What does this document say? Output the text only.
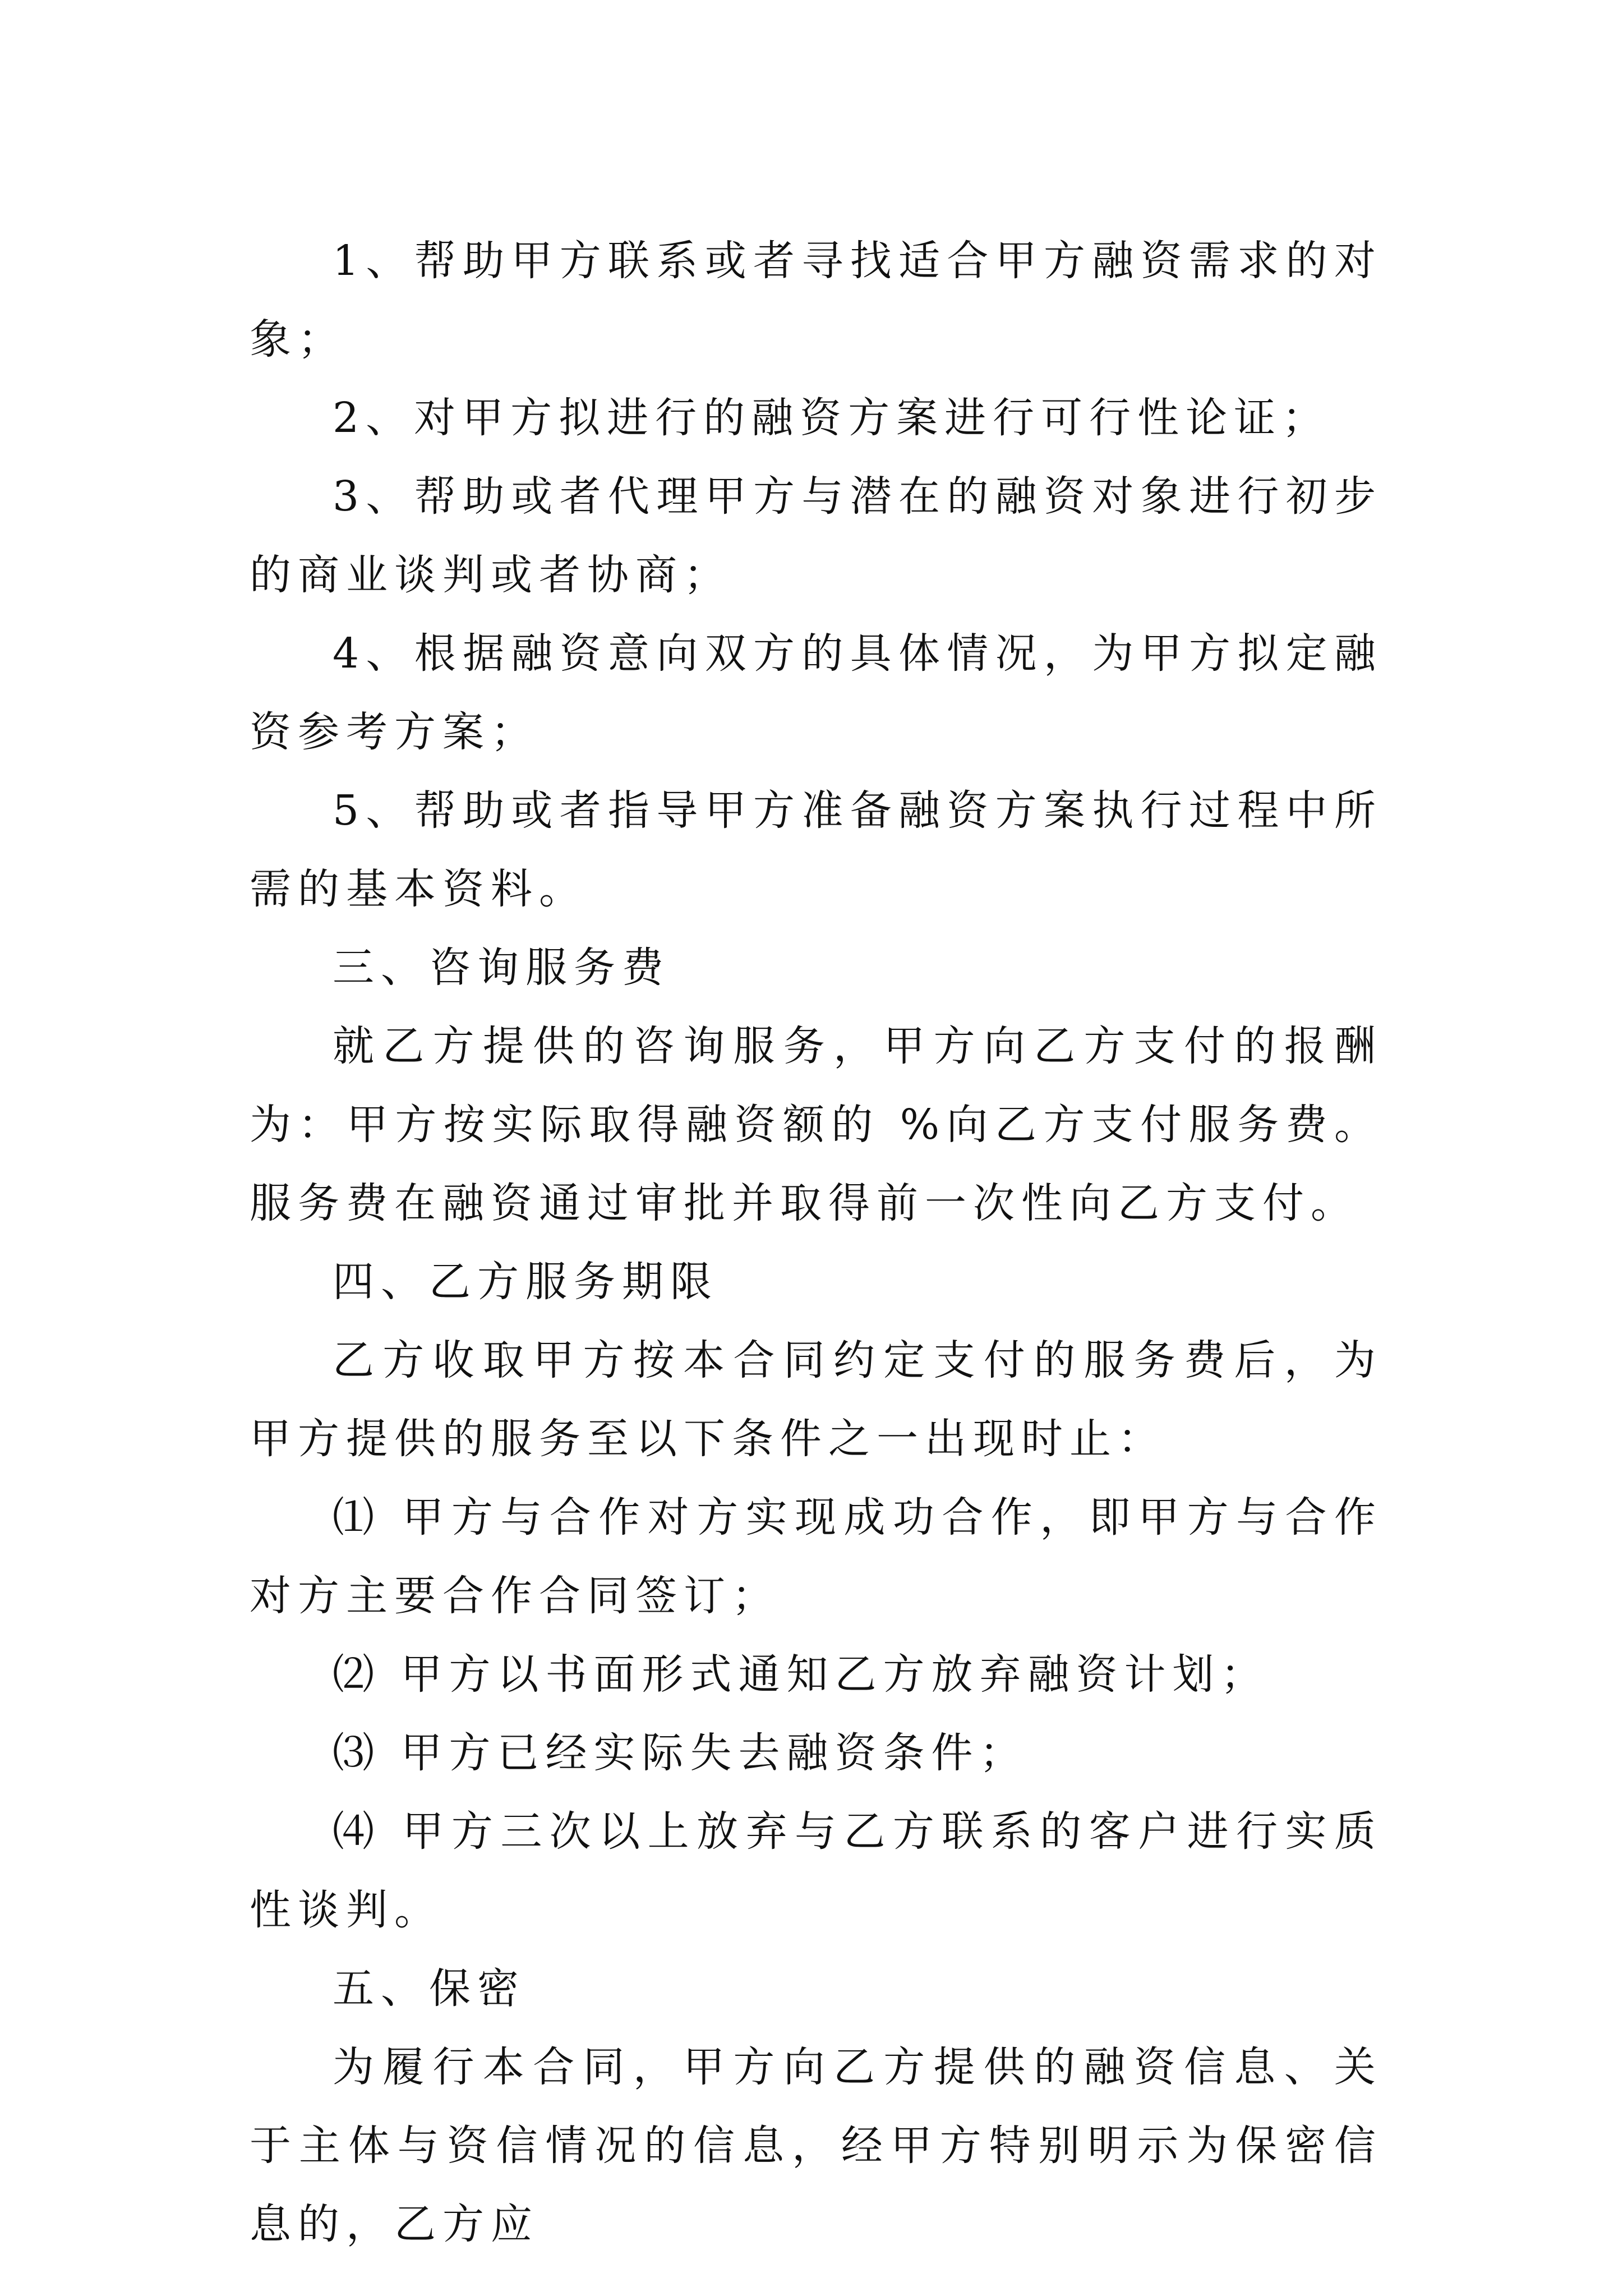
1、帮助甲方联系或者寻找适合甲方融资需求的对象；

2、对甲方拟进行的融资方案进行可行性论证；

3、帮助或者代理甲方与潜在的融资对象进行初步的商业谈判或者协商；

4、根据融资意向双方的具体情况，为甲方拟定融资参考方案；

5、帮助或者指导甲方准备融资方案执行过程中所需的基本资料。

三、咨询服务费

就乙方提供的咨询服务，甲方向乙方支付的报酬为：甲方按实际取得融资额的 %向乙方支付服务费。服务费在融资通过审批并取得前一次性向乙方支付。

四、乙方服务期限

乙方收取甲方按本合同约定支付的服务费后，为甲方提供的服务至以下条件之一出现时止：

⑴ 甲方与合作对方实现成功合作，即甲方与合作对方主要合作合同签订；

⑵ 甲方以书面形式通知乙方放弃融资计划；

⑶ 甲方已经实际失去融资条件；

⑷ 甲方三次以上放弃与乙方联系的客户进行实质性谈判。

五、保密

为履行本合同，甲方向乙方提供的融资信息、关于主体与资信情况的信息，经甲方特别明示为保密信息的，乙方应
